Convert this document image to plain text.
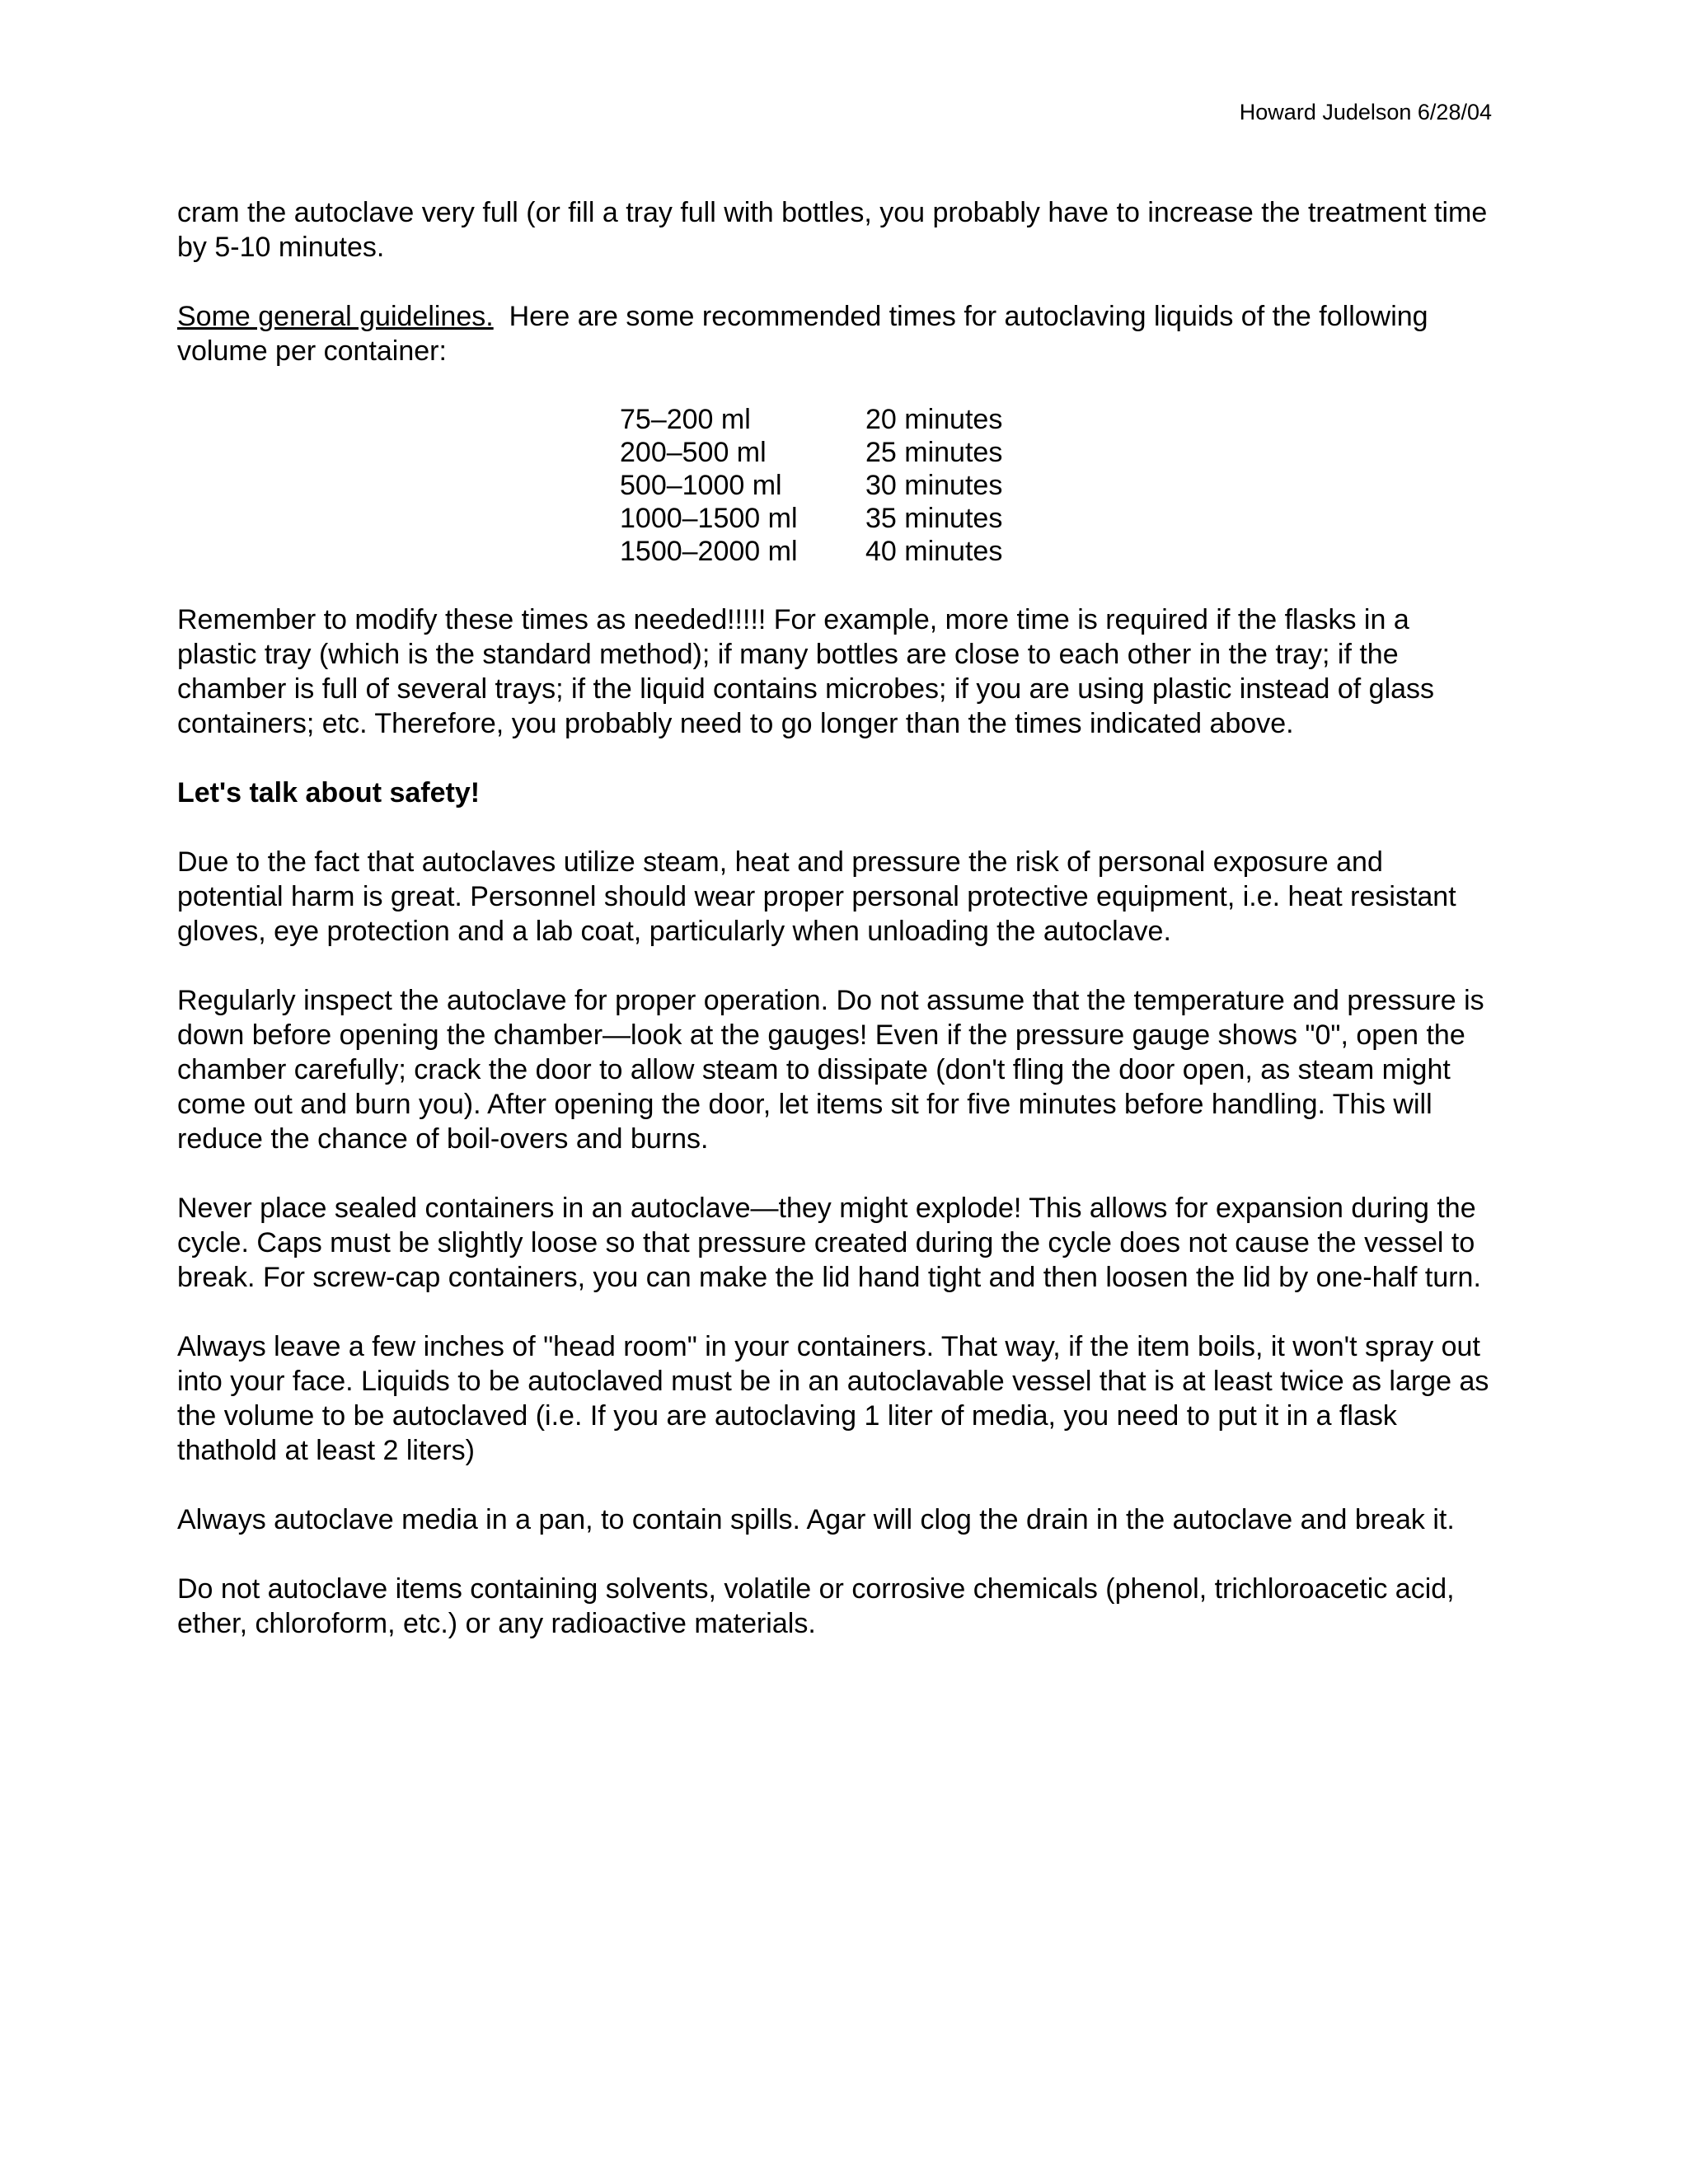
Howard Judelson 6/28/04

cram the autoclave very full (or fill a tray full with bottles, you probably have to increase the treatment time by 5-10 minutes.

Some general guidelines.  Here are some recommended times for autoclaving liquids of the following volume per container:

75–200 ml	20 minutes
200–500 ml	25 minutes
500–1000 ml	30 minutes
1000–1500 ml	35 minutes
1500–2000 ml	40 minutes

Remember to modify these times as needed!!!!! For example, more time is required if the flasks in a plastic tray (which is the standard method); if many bottles are close to each other in the tray; if the chamber is full of several trays; if the liquid contains microbes; if you are using plastic instead of glass containers; etc. Therefore, you probably need to go longer than the times indicated above.

Let's talk about safety!

Due to the fact that autoclaves utilize steam, heat and pressure the risk of personal exposure and potential harm is great. Personnel should wear proper personal protective equipment, i.e. heat resistant gloves, eye protection and a lab coat, particularly when unloading the autoclave.

Regularly inspect the autoclave for proper operation. Do not assume that the temperature and pressure is down before opening the chamber—look at the gauges! Even if the pressure gauge shows "0", open the chamber carefully; crack the door to allow steam to dissipate (don't fling the door open, as steam might come out and burn you). After opening the door, let items sit for five minutes before handling. This will reduce the chance of boil-overs and burns.

Never place sealed containers in an autoclave—they might explode! This allows for expansion during the cycle. Caps must be slightly loose so that pressure created during the cycle does not cause the vessel to break. For screw-cap containers, you can make the lid hand tight and then loosen the lid by one-half turn.

Always leave a few inches of "head room" in your containers. That way, if the item boils, it won't spray out into your face. Liquids to be autoclaved must be in an autoclavable vessel that is at least twice as large as the volume to be autoclaved (i.e. If you are autoclaving 1 liter of media, you need to put it in a flask thathold at least 2 liters)

Always autoclave media in a pan, to contain spills. Agar will clog the drain in the autoclave and break it.

Do not autoclave items containing solvents, volatile or corrosive chemicals (phenol, trichloroacetic acid, ether, chloroform, etc.) or any radioactive materials.
